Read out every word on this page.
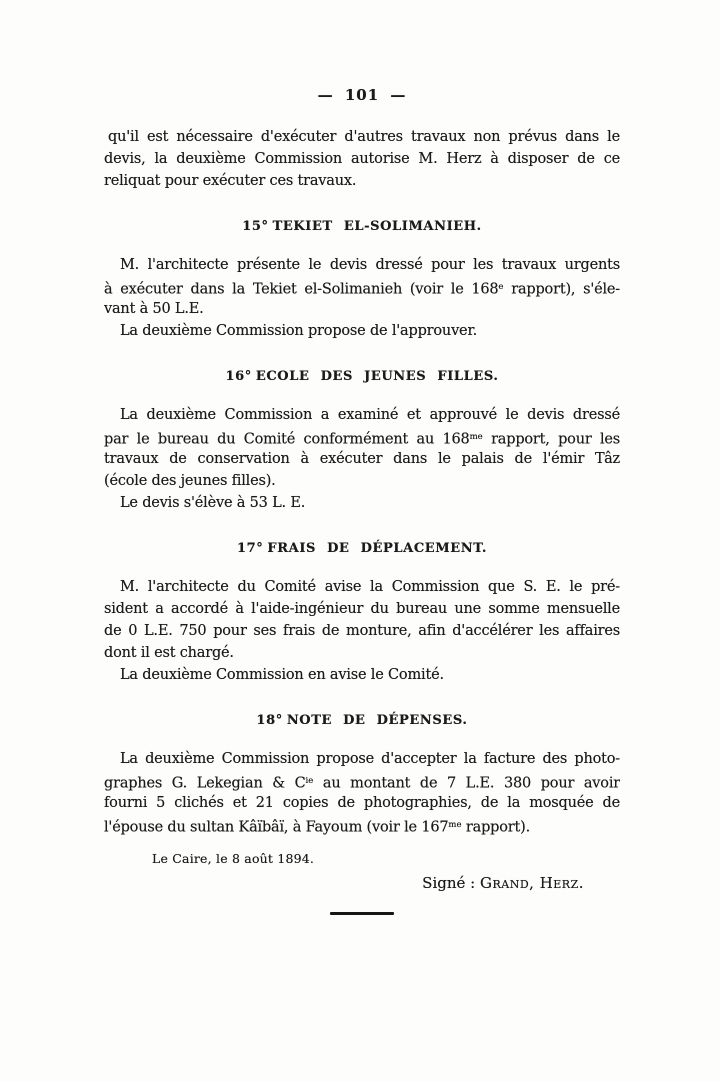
— 101 —
qu'il est nécessaire d'exécuter d'autres travaux non prévus dans le
devis, la deuxième Commission autorise M. Herz à disposer de ce
reliquat pour exécuter ces travaux.
15° TEKIET EL-SOLIMANIEH.
M. l'architecte présente le devis dressé pour les travaux urgents
à exécuter dans la Tekiet el-Solimanieh (voir le 168e rapport), s'éle-
vant à 50 L.E.
La deuxième Commission propose de l'approuver.
16° ECOLE DES JEUNES FILLES.
La deuxième Commission a examiné et approuvé le devis dressé
par le bureau du Comité conformément au $168^{me}$ rapport, pour les
travaux de conservation à exécuter dans le palais de l'émir Tâz
(école des jeunes filles).
Le devis s'élève à 53 L. E.
17° FRAIS DE DÉPLACEMENT.
M. l'architecte du Comité avise la Commission que S. E. le pré-
sident a accordé à l'aide-ingénieur du bureau une somme mensuelle
de 0 L.E. 750 pour ses frais de monture, afin d'accélérer les affaires
dont il est chargé.
La deuxième Commission en avise le Comité.
18° NOTE DE DÉPENSES.
La deuxième Commission propose d'accepter la facture des photo-
graphes G. Lekegian & $C^{ie}$ au montant de 7 L.E. 380 pour avoir
fourni 5 clichés et 21 copies de photographies, de la mosquée de
l'épouse du sultan Kâïbâï, à Fayoum (voir le $167^{me}$ rapport).
Le Caire, le 8 août 1894.
Signé : Grand, Herz.
